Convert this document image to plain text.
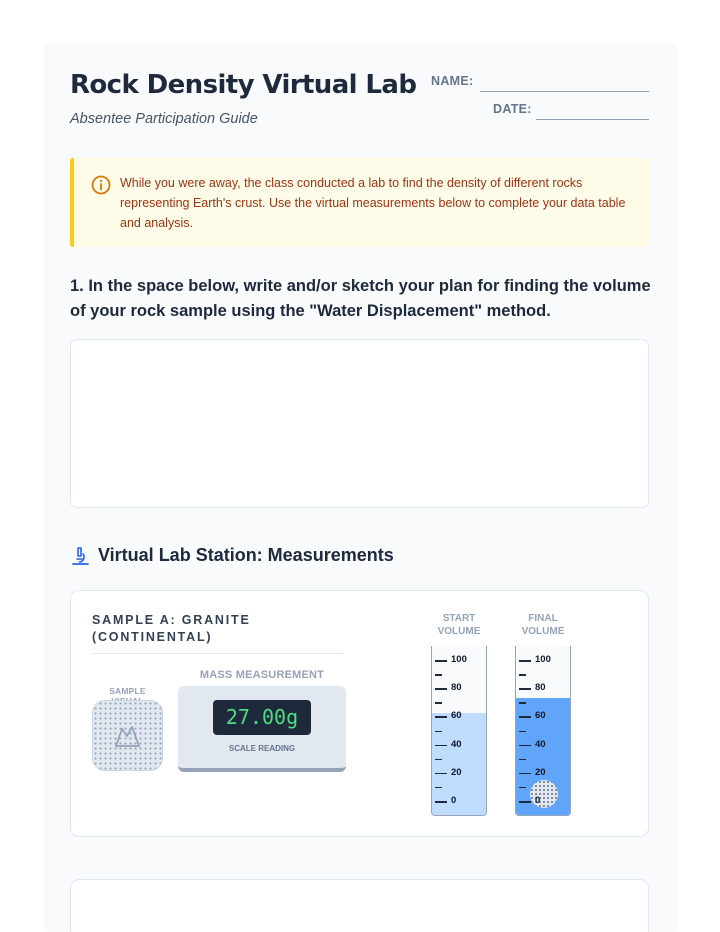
Rock Density Virtual Lab
Absentee Participation Guide
NAME:
DATE:
While you were away, the class conducted a lab to find the density of different rocks representing Earth's crust. Use the virtual measurements below to complete your data table and analysis.
1. In the space below, write and/or sketch your plan for finding the volume of your rock sample using the "Water Displacement" method.
Virtual Lab Station: Measurements
SAMPLE A: GRANITE (CONTINENTAL)
SAMPLE
MASS MEASUREMENT
27.00g
SCALE READING
START VOLUME
100
80
60
40
20
0
FINAL VOLUME
100
80
60
40
20
0
